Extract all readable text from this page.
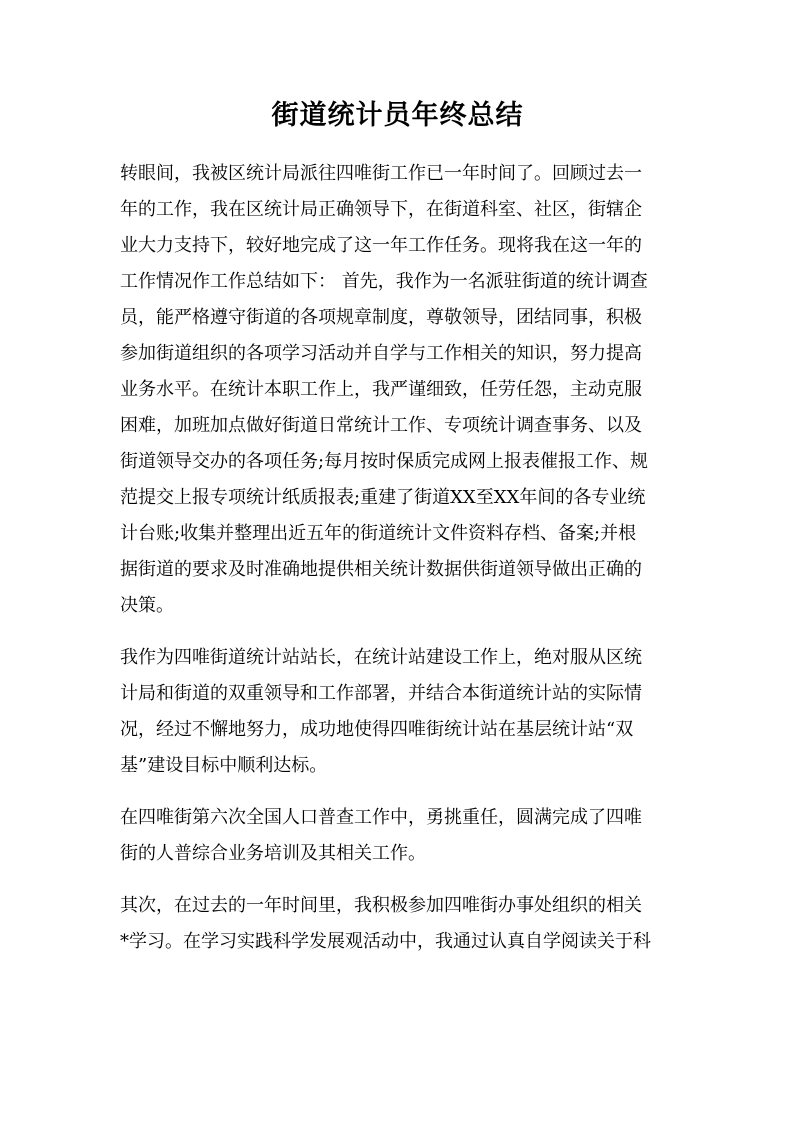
街道统计员年终总结

转眼间，我被区统计局派往四唯街工作已一年时间了。回顾过去一
年的工作，我在区统计局正确领导下，在街道科室、社区，街辖企
业大力支持下，较好地完成了这一年工作任务。现将我在这一年的
工作情况作工作总结如下： 首先，我作为一名派驻街道的统计调查
员，能严格遵守街道的各项规章制度，尊敬领导，团结同事，积极
参加街道组织的各项学习活动并自学与工作相关的知识，努力提高
业务水平。在统计本职工作上，我严谨细致，任劳任怨，主动克服
困难，加班加点做好街道日常统计工作、专项统计调查事务、以及
街道领导交办的各项任务;每月按时保质完成网上报表催报工作、规
范提交上报专项统计纸质报表;重建了街道XX至XX年间的各专业统
计台账;收集并整理出近五年的街道统计文件资料存档、备案;并根
据街道的要求及时准确地提供相关统计数据供街道领导做出正确的
决策。

我作为四唯街道统计站站长，在统计站建设工作上，绝对服从区统
计局和街道的双重领导和工作部署，并结合本街道统计站的实际情
况，经过不懈地努力，成功地使得四唯街统计站在基层统计站“双
基”建设目标中顺利达标。

在四唯街第六次全国人口普查工作中，勇挑重任，圆满完成了四唯
街的人普综合业务培训及其相关工作。

其次，在过去的一年时间里，我积极参加四唯街办事处组织的相关
*学习。在学习实践科学发展观活动中，我通过认真自学阅读关于科
